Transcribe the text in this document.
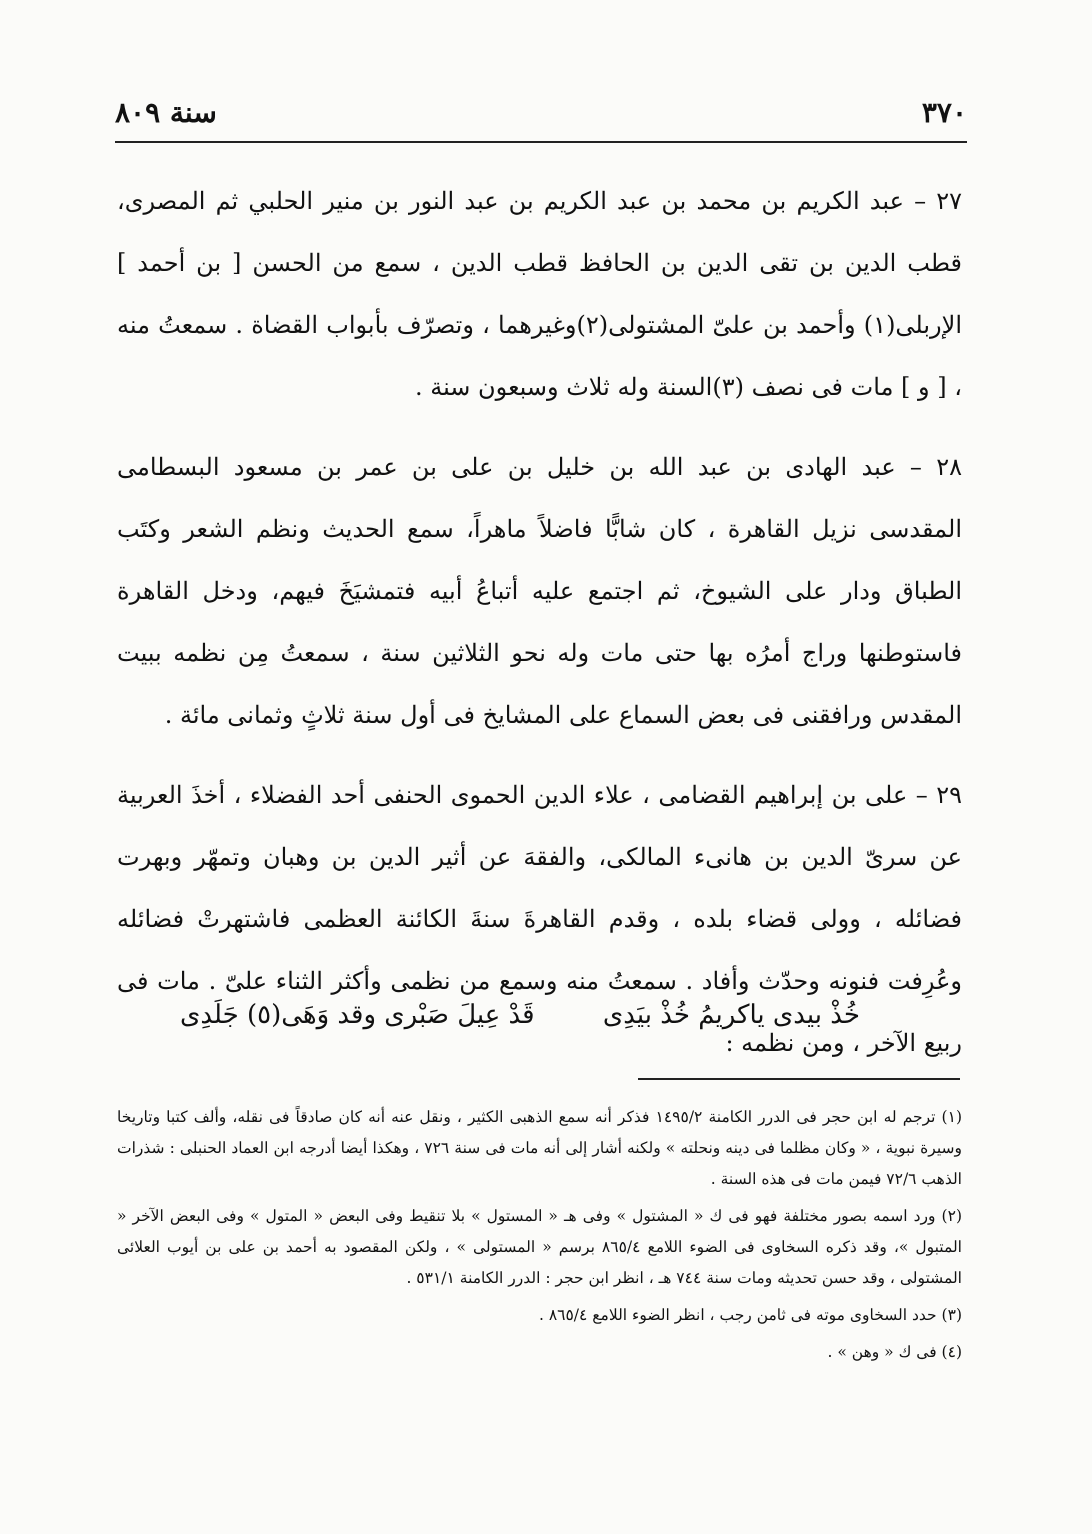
٣٧٠
سنة ٨٠٩

٢٧ – عبد الكريم بن محمد بن عبد الكريم بن عبد النور بن منير الحلبي ثم المصرى، قطب الدين بن تقى الدين بن الحافظ قطب الدين ، سمع من الحسن [ بن أحمد ] الإربلى(١) وأحمد بن علىّ المشتولى(٢)وغيرهما ، وتصرّف بأبواب القضاة . سمعتُ منه ، [ و ] مات فى نصف (٣)السنة وله ثلاث وسبعون سنة .

٢٨ – عبد الهادى بن عبد الله بن خليل بن على بن عمر بن مسعود البسطامى المقدسى نزيل القاهرة ، كان شابًّا فاضلاً ماهراً، سمع الحديث ونظم الشعر وكتَب الطباق ودار على الشيوخ، ثم اجتمع عليه أتباعُ أبيه فتمشيَخَ فيهم، ودخل القاهرة فاستوطنها وراج أمرُه بها حتى مات وله نحو الثلاثين سنة ، سمعتُ مِن نظمه ببيت المقدس ورافقنى فى بعض السماع على المشايخ فى أول سنة ثلاثٍ وثمانى مائة .

٢٩ – على بن إبراهيم القضامى ، علاء الدين الحموى الحنفى أحد الفضلاء ، أخذَ العربية عن سرىّ الدين بن هانىء المالكى، والفقهَ عن أثير الدين بن وهبان وتمهّر وبهرت فضائله ، وولى قضاء بلده ، وقدم القاهرةَ سنةَ الكائنة العظمى فاشتهرتْ فضائله وعُرِفت فنونه وحدّث وأفاد . سمعتُ منه وسمع من نظمى وأكثر الثناء علىّ . مات فى ربيع الآخر ، ومن نظمه :

خُذْ بيدى ياكريمُ خُذْ بيَدِى
قَدْ عِيلَ صَبْرى وقد وَهَى(٥) جَلَدِى

(١) ترجم له ابن حجر فى الدرر الكامنة ١٤٩٥/٢ فذكر أنه سمع الذهبى الكثير ، ونقل عنه أنه كان صادقاً فى نقله، وألف كتبا وتاريخا وسيرة نبوية ، « وكان مظلما فى دينه ونحلته » ولكنه أشار إلى أنه مات فى سنة ٧٢٦ ، وهكذا أيضا أدرجه ابن العماد الحنبلى : شذرات الذهب ٧٢/٦ فيمن مات فى هذه السنة .

(٢) ورد اسمه بصور مختلفة فهو فى ك « المشتول » وفى هـ « المستول » بلا تنقيط وفى البعض « المتول » وفى البعض الآخر « المتبول »، وقد ذكره السخاوى فى الضوء اللامع ٨٦٥/٤ برسم « المستولى » ، ولكن المقصود به أحمد بن على بن أيوب العلائى المشتولى ، وقد حسن تحديثه ومات سنة ٧٤٤ هـ ، انظر ابن حجر : الدرر الكامنة ٥٣١/١ .

(٣) حدد السخاوى موته فى ثامن رجب ، انظر الضوء اللامع ٨٦٥/٤ .

(٤) فى ك « وهن » .
